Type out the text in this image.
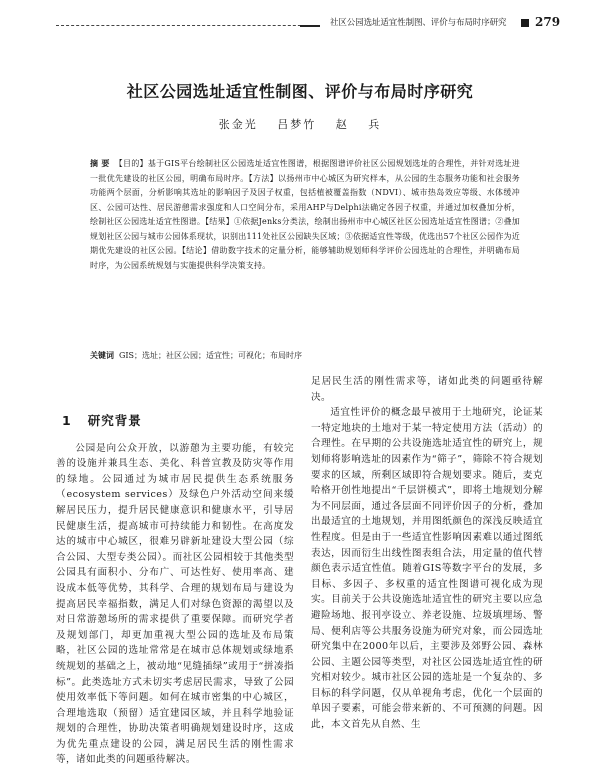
社区公园选址适宜性制图、评价与布局时序研究	279
社区公园选址适宜性制图、评价与布局时序研究
张金光 吕梦竹 赵 兵
摘 要 【目的】基于GIS平台绘制社区公园选址适宜性图谱，根据图谱评价社区公园规划选址的合理性，并针对选址进一批优先建设的社区公园，明确布局时序。【方法】以扬州市中心城区为研究样本，从公园的生态服务功能和社会服务功能两个层面，分析影响其选址的影响因子及因子权重，包括植被覆盖指数（NDVI）、城市热岛效应等级、水体缓冲区、公园可达性、居民游憩需求强度和人口空间分布，采用AHP与Delphi法确定各因子权重，并通过加权叠加分析，绘制社区公园选址适宜性图谱。【结果】①依据Jenks分类法，绘制出扬州市中心城区社区公园选址适宜性图谱；②叠加规划社区公园与城市公园体系现状，识别出111处社区公园缺失区域；③依据适宜性等级，优选出57个社区公园作为近期优先建设的社区公园。【结论】借助数字技术的定量分析，能够辅助规划师科学评价公园选址的合理性，并明确布局时序，为公园系统规划与实施提供科学决策支持。
关键词 GIS；选址；社区公园；适宜性；可视化；布局时序
1 研究背景

公园是向公众开放，以游憩为主要功能，有较完善的设施并兼具生态、美化、科普宣教及防灾等作用的绿地。公园通过为城市居民提供生态系统服务（ecosystem services）及绿色户外活动空间来缓解居民压力，提升居民健康意识和健康水平，引导居民健康生活，提高城市可持续能力和韧性。在高度发达的城市中心城区，很难另辟新址建设大型公园（综合公园、大型专类公园）。而社区公园相较于其他类型公园具有面积小、分布广、可达性好、使用率高、建设成本低等优势，其科学、合理的规划布局与建设为提高居民幸福指数，满足人们对绿色资源的渴望以及对日常游憩场所的需求提供了重要保障。而研究学者及规划部门，却更加重视大型公园的选址及布局策略，社区公园的选址常常是在城市总体规划或绿地系统规划的基础之上，被动地“见缝插绿”或用于“拼凑指标”。此类选址方式未切实考虑居民需求，导致了公园使用效率低下等问题。如何在城市密集的中心城区，合理地选取（预留）适宜建园区域，并且科学地验证规划的合理性，协助决策者明确规划建设时序，这成为优先重点建设的公园，满足居民生活的刚性需求等，诸如此类的问题亟待解决。

足居民生活的刚性需求等，诸如此类的问题亟待解决。

适宜性评价的概念最早被用于土地研究，论证某一特定地块的土地对于某一特定使用方法（活动）的合理性。在早期的公共设施选址适宜性的研究上，规划师将影响选址的因素作为“筛子”，筛除不符合规划要求的区域，所剩区域即符合规划要求。随后，麦克哈格开创性地提出“千层饼模式”，即将土地规划分解为不同层面，通过各层面不同评价因子的分析，叠加出最适宜的土地规划，并用图纸颜色的深浅反映适宜性程度。但是由于一些适宜性影响因素难以通过图纸表达，因而衍生出线性图表组合法，用定量的值代替颜色表示适宜性值。随着GIS等数字平台的发展，多目标、多因子、多权重的适宜性图谱可视化成为现实。目前关于公共设施选址适宜性的研究主要以应急避险场地、报刊亭设立、养老设施、垃圾填埋场、警局、便利店等公共服务设施为研究对象，而公园选址研究集中在2000年以后，主要涉及郊野公园、森林公园、主题公园等类型，对社区公园选址适宜性的研究相对较少。城市社区公园的选址是一个复杂的、多目标的科学问题，仅从单视角考虑，优化一个层面的单因子要素，可能会带来新的、不可预测的问题。因此，本文首先从自然、生
